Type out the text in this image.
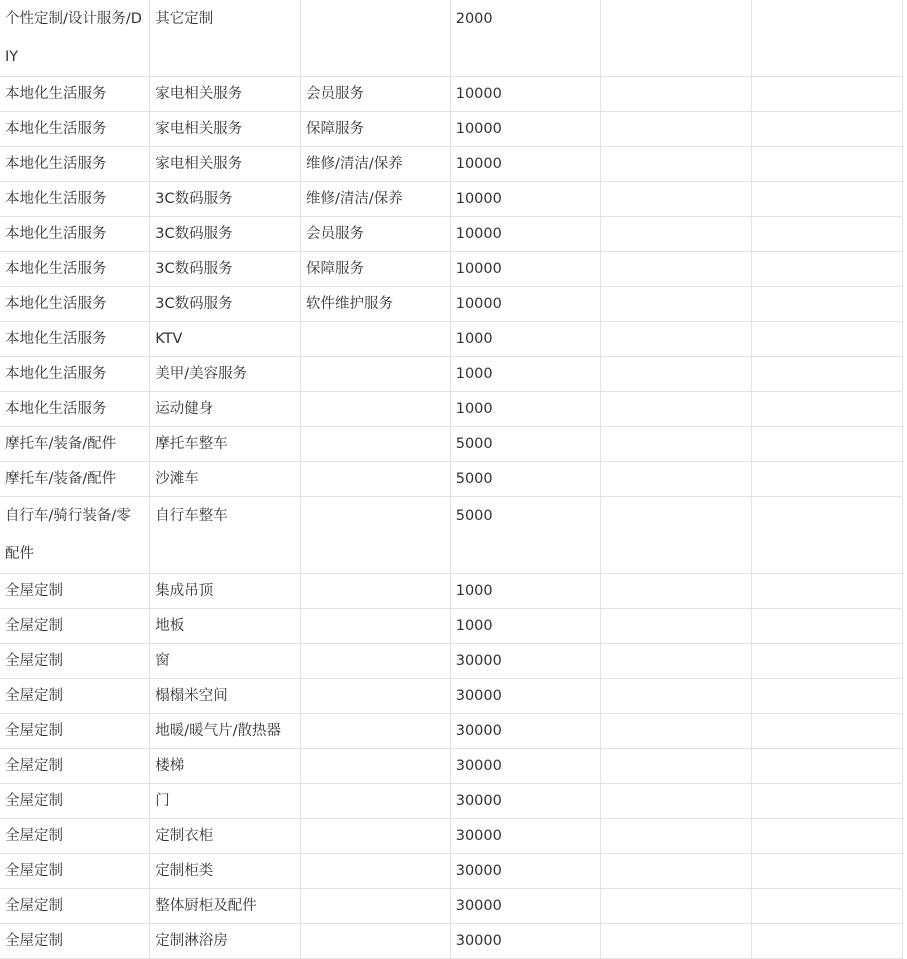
个性定制/设计服务/DIY	其它定制		2000		
本地化生活服务	家电相关服务	会员服务	10000		
本地化生活服务	家电相关服务	保障服务	10000		
本地化生活服务	家电相关服务	维修/清洁/保养	10000		
本地化生活服务	3C数码服务	维修/清洁/保养	10000		
本地化生活服务	3C数码服务	会员服务	10000		
本地化生活服务	3C数码服务	保障服务	10000		
本地化生活服务	3C数码服务	软件维护服务	10000		
本地化生活服务	KTV		1000		
本地化生活服务	美甲/美容服务		1000		
本地化生活服务	运动健身		1000		
摩托车/装备/配件	摩托车整车		5000		
摩托车/装备/配件	沙滩车		5000		
自行车/骑行装备/零配件	自行车整车		5000		
全屋定制	集成吊顶		1000		
全屋定制	地板		1000		
全屋定制	窗		30000		
全屋定制	榻榻米空间		30000		
全屋定制	地暖/暖气片/散热器		30000		
全屋定制	楼梯		30000		
全屋定制	门		30000		
全屋定制	定制衣柜		30000		
全屋定制	定制柜类		30000		
全屋定制	整体厨柜及配件		30000		
全屋定制	定制淋浴房		30000		
